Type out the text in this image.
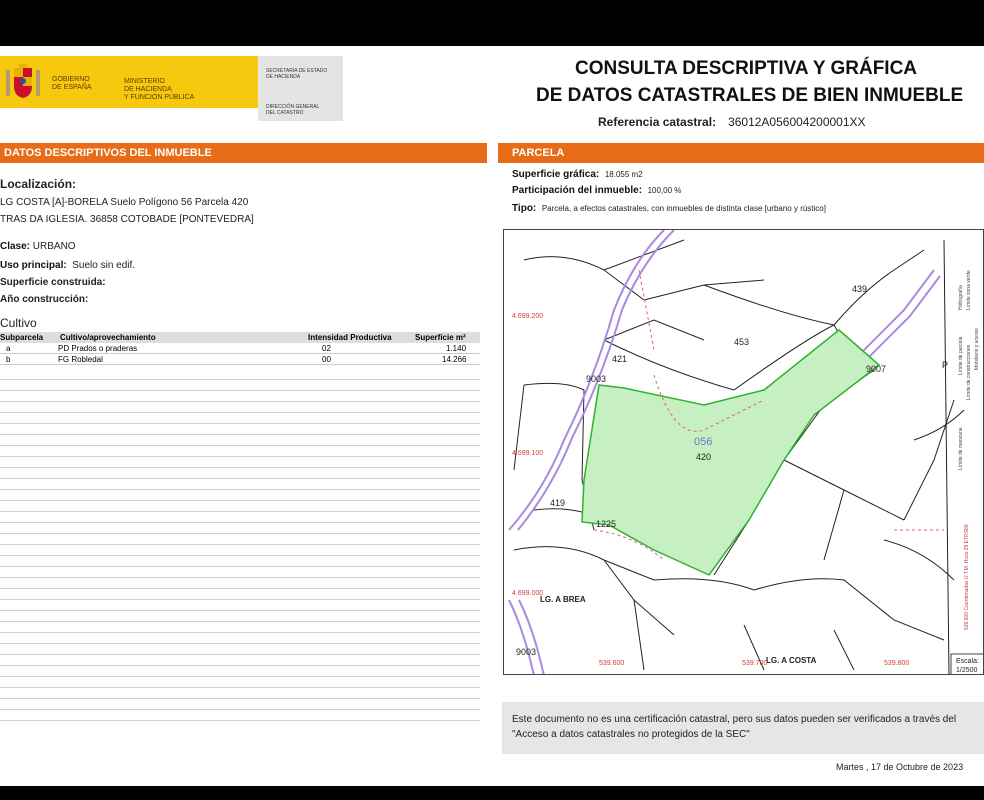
GOBIERNO
DE ESPAÑA
MINISTERIO
DE HACIENDA
Y FUNCIÓN PÚBLICA
SECRETARÍA DE ESTADO
DE HACIENDA
DIRECCIÓN GENERAL
DEL CATASTRO
CONSULTA DESCRIPTIVA Y GRÁFICA
DE DATOS CATASTRALES DE BIEN INMUEBLE
Referencia catastral: 36012A056004200001XX
DATOS DESCRIPTIVOS DEL INMUEBLE
Localización:
LG COSTA [A]-BORELA Suelo Polígono 56 Parcela 420
TRAS DA IGLESIA. 36858 COTOBADE [PONTEVEDRA]
Clase: URBANO
Uso principal: Suelo sin edif.
Superficie construida:
Año construcción:
Cultivo
Subparcela Cultivo/aprovechamiento	Intensidad Productiva	Superficie m²
a	PD Prados o praderas	02	1.140
b	FG Robledal	00	14.266
PARCELA
Superficie gráfica: 18.055 m2
Participación del inmueble: 100,00 %
Tipo: Parcela, a efectos catastrales, con inmuebles de distinta clase [urbano y rústico]
453
439
421
9003
9007
056
420
419
1225
LG. A BREA
LG. A COSTA
9003
P
4.699.200
4.699.100
4.699.000
539.600	539.700	539.800
Hidrografía
Límite de parcela
Límite zona verde
Límite de manzana
Límite de construcciones Mobiliario y aceras
539.800 Coordenadas U.T.M. Huso 29 ETRS89
Escala:
1/2500
Este documento no es una certificación catastral, pero sus datos pueden ser verificados a través del "Acceso a datos catastrales no protegidos de la SEC"
Martes , 17 de Octubre de 2023
